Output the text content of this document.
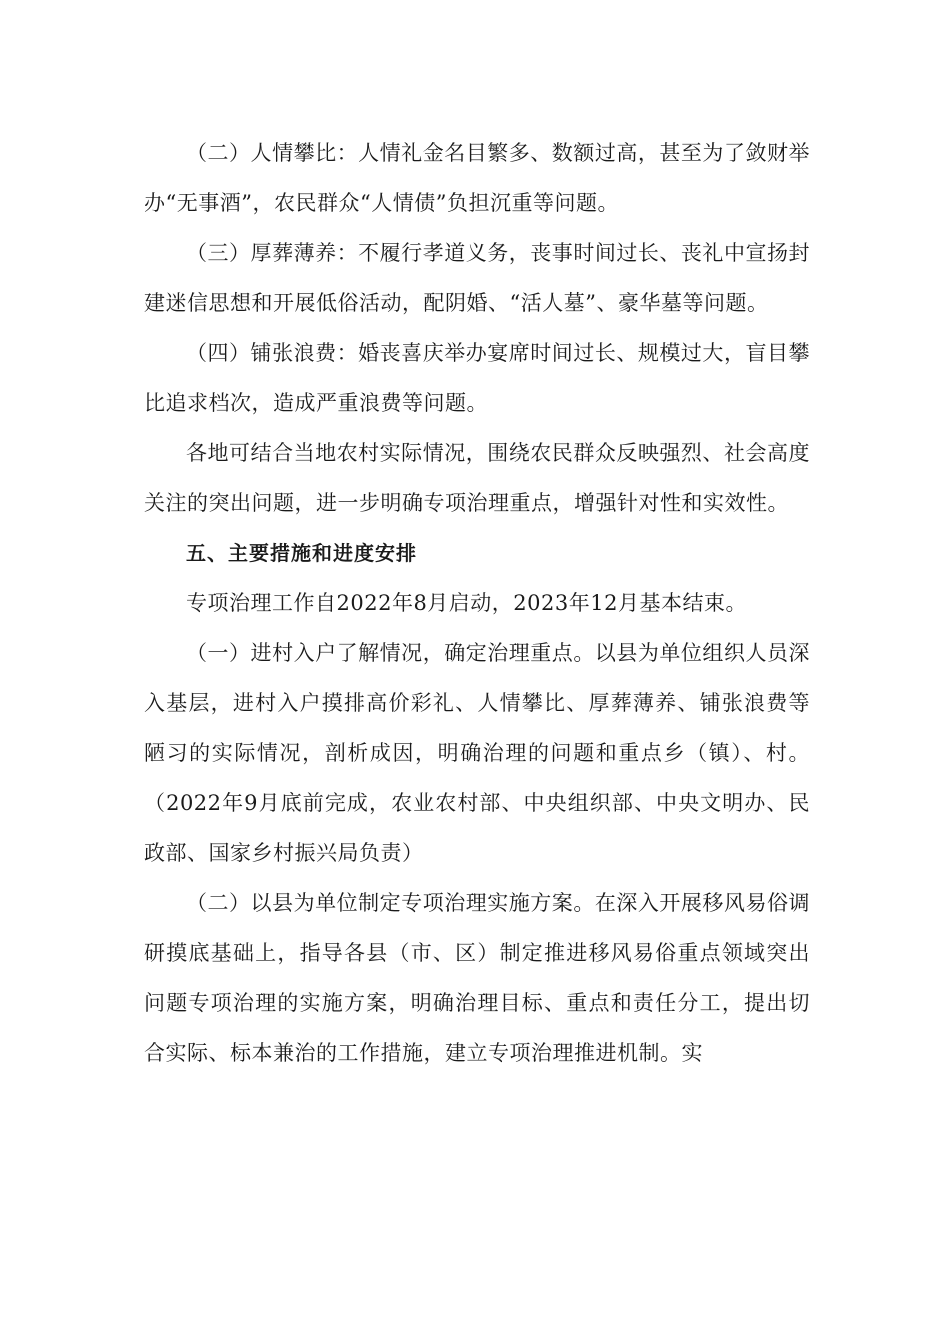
（二）人情攀比：人情礼金名目繁多、数额过高，甚至为了敛财举办“无事酒”，农民群众“人情债”负担沉重等问题。

（三）厚葬薄养：不履行孝道义务，丧事时间过长、丧礼中宣扬封建迷信思想和开展低俗活动，配阴婚、“活人墓”、豪华墓等问题。

（四）铺张浪费：婚丧喜庆举办宴席时间过长、规模过大，盲目攀比追求档次，造成严重浪费等问题。

各地可结合当地农村实际情况，围绕农民群众反映强烈、社会高度关注的突出问题，进一步明确专项治理重点，增强针对性和实效性。

五、主要措施和进度安排

专项治理工作自2022年8月启动，2023年12月基本结束。

（一）进村入户了解情况，确定治理重点。以县为单位组织人员深入基层，进村入户摸排高价彩礼、人情攀比、厚葬薄养、铺张浪费等陋习的实际情况，剖析成因，明确治理的问题和重点乡（镇）、村。（2022年9月底前完成，农业农村部、中央组织部、中央文明办、民政部、国家乡村振兴局负责）

（二）以县为单位制定专项治理实施方案。在深入开展移风易俗调研摸底基础上，指导各县（市、区）制定推进移风易俗重点领域突出问题专项治理的实施方案，明确治理目标、重点和责任分工，提出切合实际、标本兼治的工作措施，建立专项治理推进机制。实
